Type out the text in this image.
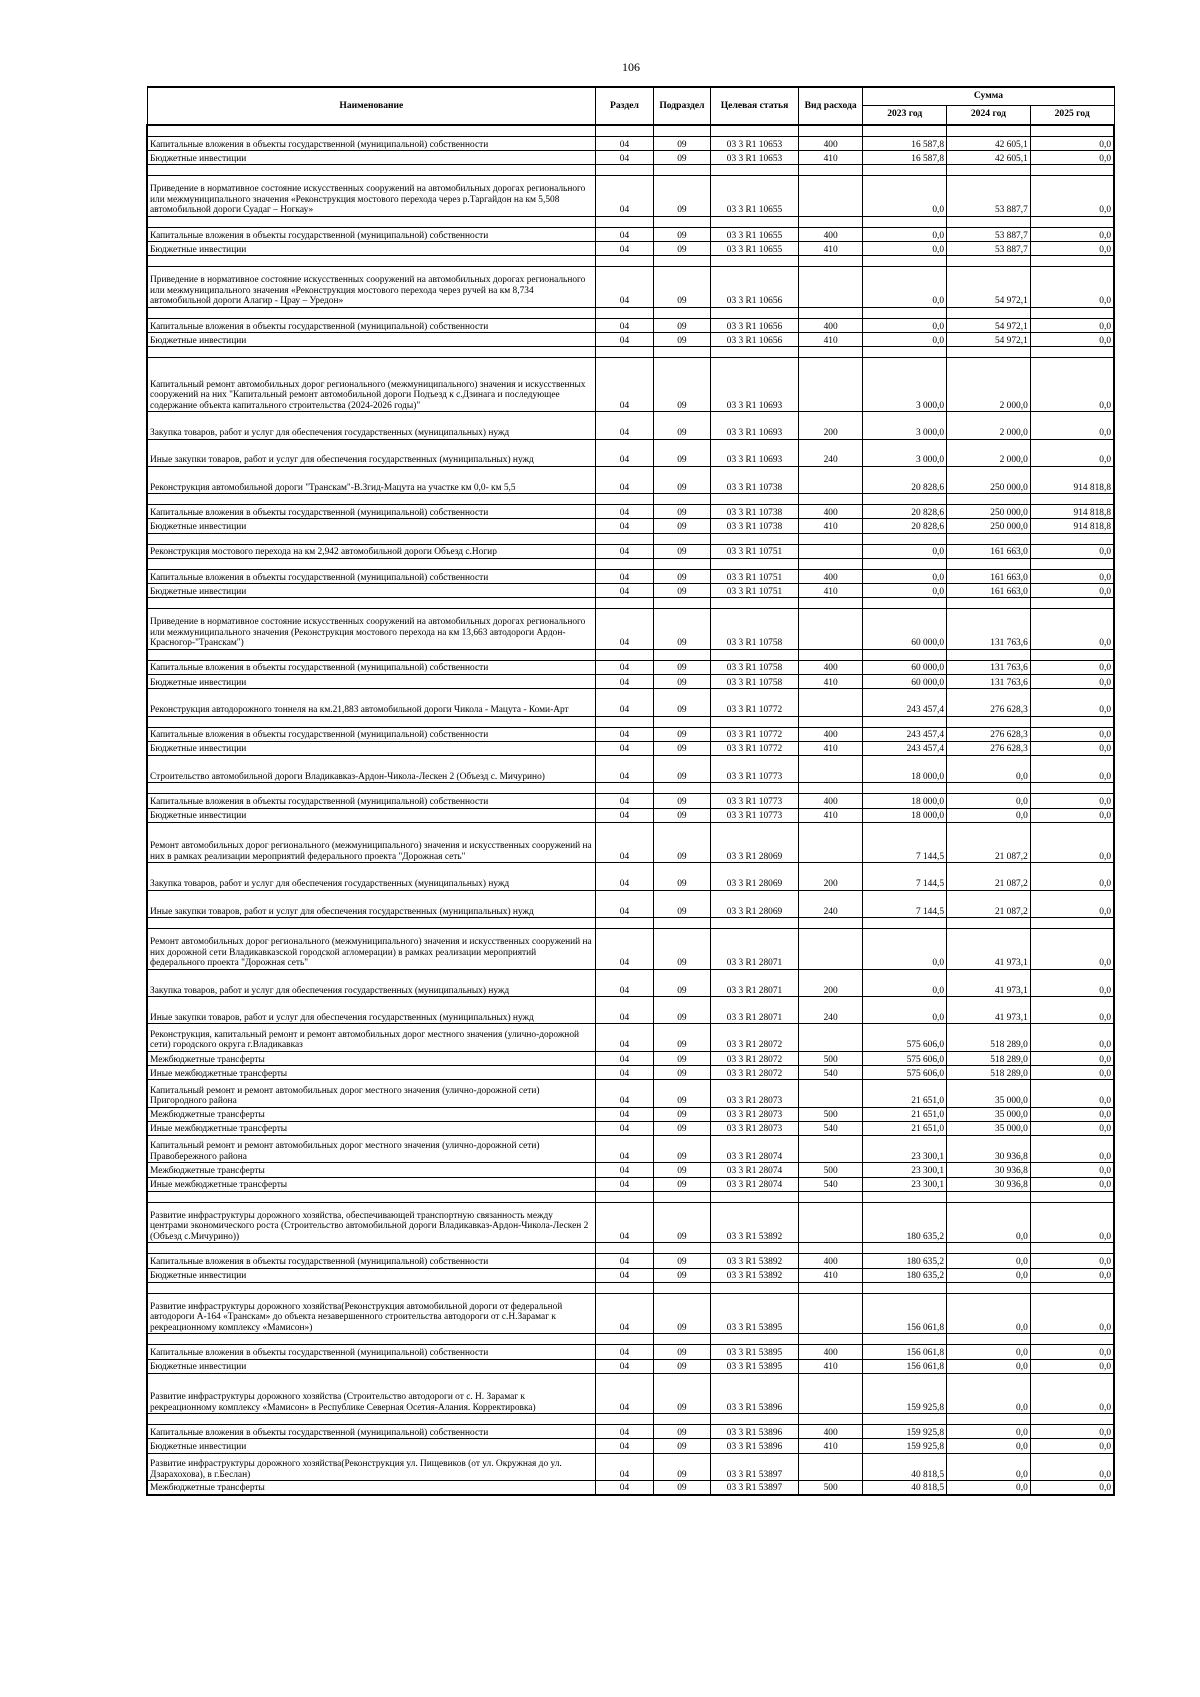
106
Наименование	Раздел	Подраздел	Целевая статья	Вид расхода	Сумма		
					2023 год	2024 год	2025 год

Капитальные вложения в объекты государственной (муниципальной) собственности	04	09	03 3 R1 10653	400	16 587,8	42 605,1	0,0
Бюджетные инвестиции	04	09	03 3 R1 10653	410	16 587,8	42 605,1	0,0

Приведение в нормативное состояние искусственных сооружений на автомобильных дорогах регионального или межмуниципального значения «Реконструкция мостового перехода через р.Таргайдон на км 5,508 автомобильной дороги Суадаг – Ногкау»	04	09	03 3 R1 10655		0,0	53 887,7	0,0

Капитальные вложения в объекты государственной (муниципальной) собственности	04	09	03 3 R1 10655	400	0,0	53 887,7	0,0
Бюджетные инвестиции	04	09	03 3 R1 10655	410	0,0	53 887,7	0,0

Приведение в нормативное состояние искусственных сооружений на автомобильных дорогах регионального или межмуниципального значения «Реконструкция мостового перехода через ручей на км 8,734 автомобильной дороги Алагир - Црау – Уредон»	04	09	03 3 R1 10656		0,0	54 972,1	0,0

Капитальные вложения в объекты государственной (муниципальной) собственности	04	09	03 3 R1 10656	400	0,0	54 972,1	0,0
Бюджетные инвестиции	04	09	03 3 R1 10656	410	0,0	54 972,1	0,0

Капитальный ремонт автомобильных дорог регионального (межмуниципального) значения и искусственных сооружений на них "Капитальный ремонт автомобильной дороги Подъезд к с.Дзинага и последующее содержание объекта капитального строительства (2024-2026 годы)"	04	09	03 3 R1 10693		3 000,0	2 000,0	0,0
Закупка товаров, работ и услуг для обеспечения государственных (муниципальных) нужд	04	09	03 3 R1 10693	200	3 000,0	2 000,0	0,0
Иные закупки товаров, работ и услуг для обеспечения государственных (муниципальных) нужд	04	09	03 3 R1 10693	240	3 000,0	2 000,0	0,0
Реконструкция автомобильной дороги "Транскам"-В.Згид-Мацута на участке км 0,0- км 5,5	04	09	03 3 R1 10738		20 828,6	250 000,0	914 818,8

Капитальные вложения в объекты государственной (муниципальной) собственности	04	09	03 3 R1 10738	400	20 828,6	250 000,0	914 818,8
Бюджетные инвестиции	04	09	03 3 R1 10738	410	20 828,6	250 000,0	914 818,8

Реконструкция мостового перехода на км 2,942 автомобильной дороги Объезд с.Ногир	04	09	03 3 R1 10751		0,0	161 663,0	0,0

Капитальные вложения в объекты государственной (муниципальной) собственности	04	09	03 3 R1 10751	400	0,0	161 663,0	0,0
Бюджетные инвестиции	04	09	03 3 R1 10751	410	0,0	161 663,0	0,0

Приведение в нормативное состояние искусственных сооружений на автомобильных дорогах регионального или межмуниципального значения (Реконструкция мостового перехода на км 13,663 автодороги Ардон-Красногор-"Транскам")	04	09	03 3 R1 10758		60 000,0	131 763,6	0,0

Капитальные вложения в объекты государственной (муниципальной) собственности	04	09	03 3 R1 10758	400	60 000,0	131 763,6	0,0
Бюджетные инвестиции	04	09	03 3 R1 10758	410	60 000,0	131 763,6	0,0
Реконструкция автодорожного тоннеля на км.21,883 автомобильной дороги Чикола - Мацута - Коми-Арт	04	09	03 3 R1 10772		243 457,4	276 628,3	0,0

Капитальные вложения в объекты государственной (муниципальной) собственности	04	09	03 3 R1 10772	400	243 457,4	276 628,3	0,0
Бюджетные инвестиции	04	09	03 3 R1 10772	410	243 457,4	276 628,3	0,0
Строительство автомобильной дороги Владикавказ-Ардон-Чикола-Лескен 2 (Объезд с. Мичурино)	04	09	03 3 R1 10773		18 000,0	0,0	0,0

Капитальные вложения в объекты государственной (муниципальной) собственности	04	09	03 3 R1 10773	400	18 000,0	0,0	0,0
Бюджетные инвестиции	04	09	03 3 R1 10773	410	18 000,0	0,0	0,0
Ремонт автомобильных дорог регионального (межмуниципального) значения и искусственных сооружений на них в рамках реализации мероприятий федерального проекта "Дорожная сеть"	04	09	03 3 R1 28069		7 144,5	21 087,2	0,0
Закупка товаров, работ и услуг для обеспечения государственных (муниципальных) нужд	04	09	03 3 R1 28069	200	7 144,5	21 087,2	0,0
Иные закупки товаров, работ и услуг для обеспечения государственных (муниципальных) нужд	04	09	03 3 R1 28069	240	7 144,5	21 087,2	0,0

Ремонт автомобильных дорог регионального (межмуниципального) значения и искусственных сооружений на них дорожной сети Владикавказской городской агломерации) в рамках реализации мероприятий федерального проекта "Дорожная сеть"	04	09	03 3 R1 28071		0,0	41 973,1	0,0
Закупка товаров, работ и услуг для обеспечения государственных (муниципальных) нужд	04	09	03 3 R1 28071	200	0,0	41 973,1	0,0
Иные закупки товаров, работ и услуг для обеспечения государственных (муниципальных) нужд	04	09	03 3 R1 28071	240	0,0	41 973,1	0,0
Реконструкция, капитальный ремонт и ремонт автомобильных дорог местного значения (улично-дорожной сети) городского округа г.Владикавказ	04	09	03 3 R1 28072		575 606,0	518 289,0	0,0
Межбюджетные трансферты	04	09	03 3 R1 28072	500	575 606,0	518 289,0	0,0
Иные межбюджетные трансферты	04	09	03 3 R1 28072	540	575 606,0	518 289,0	0,0
Капитальный ремонт и ремонт автомобильных дорог местного значения (улично-дорожной сети) Пригородного района	04	09	03 3 R1 28073		21 651,0	35 000,0	0,0
Межбюджетные трансферты	04	09	03 3 R1 28073	500	21 651,0	35 000,0	0,0
Иные межбюджетные трансферты	04	09	03 3 R1 28073	540	21 651,0	35 000,0	0,0
Капитальный ремонт и ремонт автомобильных дорог местного значения (улично-дорожной сети) Правобережного района	04	09	03 3 R1 28074		23 300,1	30 936,8	0,0
Межбюджетные трансферты	04	09	03 3 R1 28074	500	23 300,1	30 936,8	0,0
Иные межбюджетные трансферты	04	09	03 3 R1 28074	540	23 300,1	30 936,8	0,0

Развитие инфраструктуры дорожного хозяйства, обеспечивающей транспортную связанность между центрами экономического роста (Строительство автомобильной дороги Владикавказ-Ардон-Чикола-Лескен 2 (Объезд с.Мичурино))	04	09	03 3 R1 53892		180 635,2	0,0	0,0

Капитальные вложения в объекты государственной (муниципальной) собственности	04	09	03 3 R1 53892	400	180 635,2	0,0	0,0
Бюджетные инвестиции	04	09	03 3 R1 53892	410	180 635,2	0,0	0,0

Развитие инфраструктуры дорожного хозяйства(Реконструкция автомобильной дороги от федеральной автодороги А-164 «Транскам» до объекта незавершенного строительства автодороги от с.Н.Зарамаг к рекреационному комплексу «Мамисон»)	04	09	03 3 R1 53895		156 061,8	0,0	0,0

Капитальные вложения в объекты государственной (муниципальной) собственности	04	09	03 3 R1 53895	400	156 061,8	0,0	0,0
Бюджетные инвестиции	04	09	03 3 R1 53895	410	156 061,8	0,0	0,0
Развитие инфраструктуры дорожного хозяйства (Строительство автодороги от с. Н. Зарамаг к рекреационному комплексу «Мамисон» в Республике Северная Осетия-Алания. Корректировка)	04	09	03 3 R1 53896		159 925,8	0,0	0,0

Капитальные вложения в объекты государственной (муниципальной) собственности	04	09	03 3 R1 53896	400	159 925,8	0,0	0,0
Бюджетные инвестиции	04	09	03 3 R1 53896	410	159 925,8	0,0	0,0
Развитие инфраструктуры дорожного хозяйства(Реконструкция ул. Пищевиков (от ул. Окружная до ул. Дзарахохова), в г.Беслан)	04	09	03 3 R1 53897		40 818,5	0,0	0,0
Межбюджетные трансферты	04	09	03 3 R1 53897	500	40 818,5	0,0	0,0
